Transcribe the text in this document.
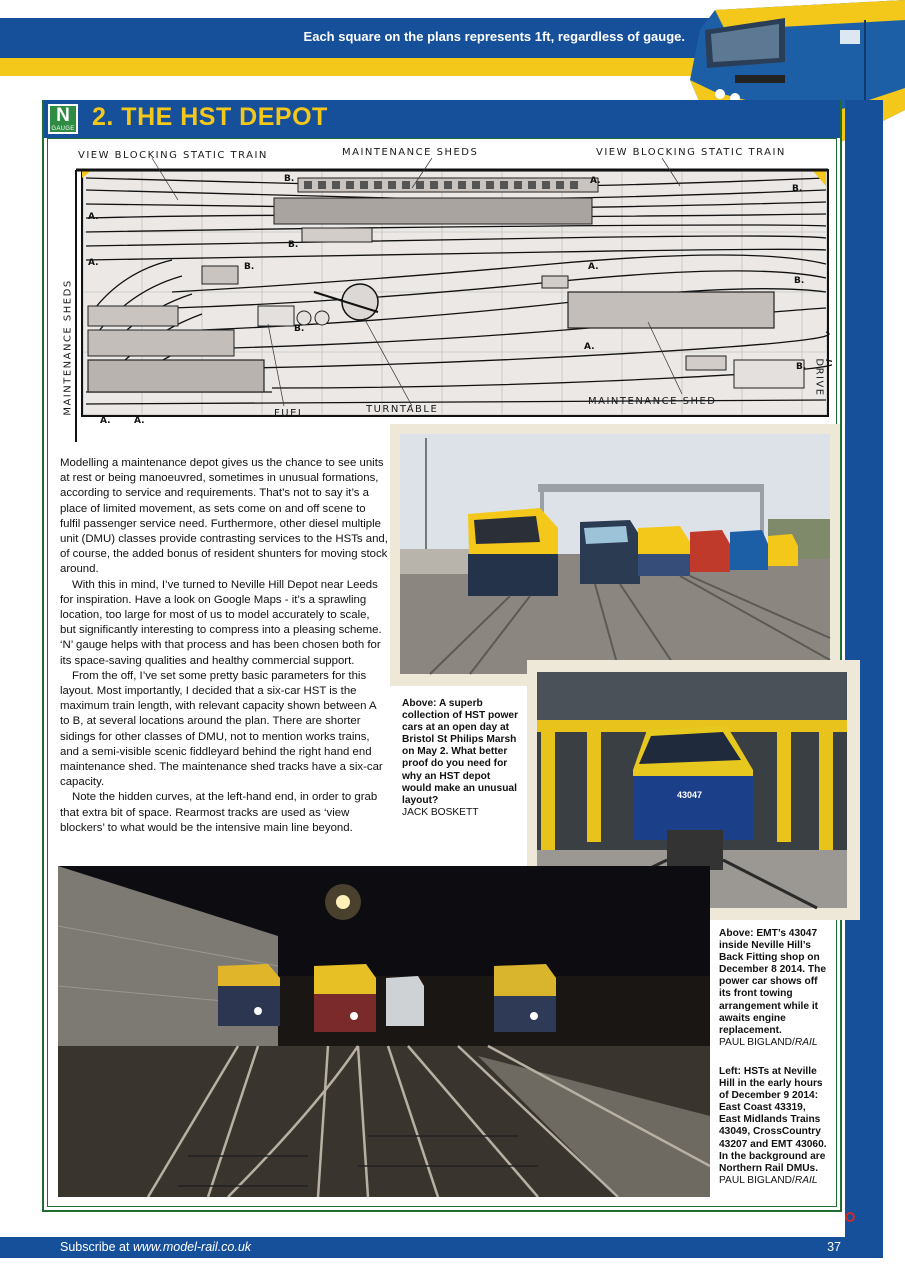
Each square on the plans represents 1ft, regardless of gauge.
N
GAUGE 2. THE HST DEPOT
VIEW BLOCKING STATIC TRAIN	MAINTENANCE SHEDS	VIEW BLOCKING STATIC TRAIN
MAINTENANCE SHEDS	FUEL	TURNTABLE
MAINTENANCE SHED
DRIVE
A.
A.
A.	A.
A.
A.
A.
B.
B.
B.
B.
B.
B.
B.

Modelling a maintenance depot gives us the chance to see units at rest or being manoeuvred, sometimes in unusual formations, according to service and requirements. That’s not to say it’s a place of limited movement, as sets come on and off scene to fulfil passenger service need. Furthermore, other diesel multiple unit (DMU) classes provide contrasting services to the HSTs and, of course, the added bonus of resident shunters for moving stock around.

With this in mind, I’ve turned to Neville Hill Depot near Leeds for inspiration. Have a look on Google Maps - it’s a sprawling location, too large for most of us to model accurately to scale, but significantly interesting to compress into a pleasing scheme. ‘N’ gauge helps with that process and has been chosen both for its space-saving qualities and healthy commercial support.

From the off, I’ve set some pretty basic parameters for this layout. Most importantly, I decided that a six-car HST is the maximum train length, with relevant capacity shown between A to B, at several locations around the plan. There are shorter sidings for other classes of DMU, not to mention works trains, and a semi-visible scenic fiddleyard behind the right hand end maintenance shed. The maintenance shed tracks have a six-car capacity.

Note the hidden curves, at the left-hand end, in order to grab that extra bit of space. Rearmost tracks are used as ‘view blockers’ to what would be the intensive main line beyond.

Above: A superb collection of HST power cars at an open day at Bristol St Philips Marsh on May 2. What better proof do you need for why an HST depot would make an unusual layout?
JACK BOSKETT
43047
Above: EMT’s 43047 inside Neville Hill’s Back Fitting shop on December 8 2014. The power car shows off its front towing arrangement while it awaits engine replacement.
PAUL BIGLAND/RAIL
Left: HSTs at Neville Hill in the early hours of December 9 2014: East Coast 43319, East Midlands Trains 43049, CrossCountry 43207 and EMT 43060. In the background are Northern Rail DMUs.
PAUL BIGLAND/RAIL
Subscribe at www.model-rail.co.uk	37
